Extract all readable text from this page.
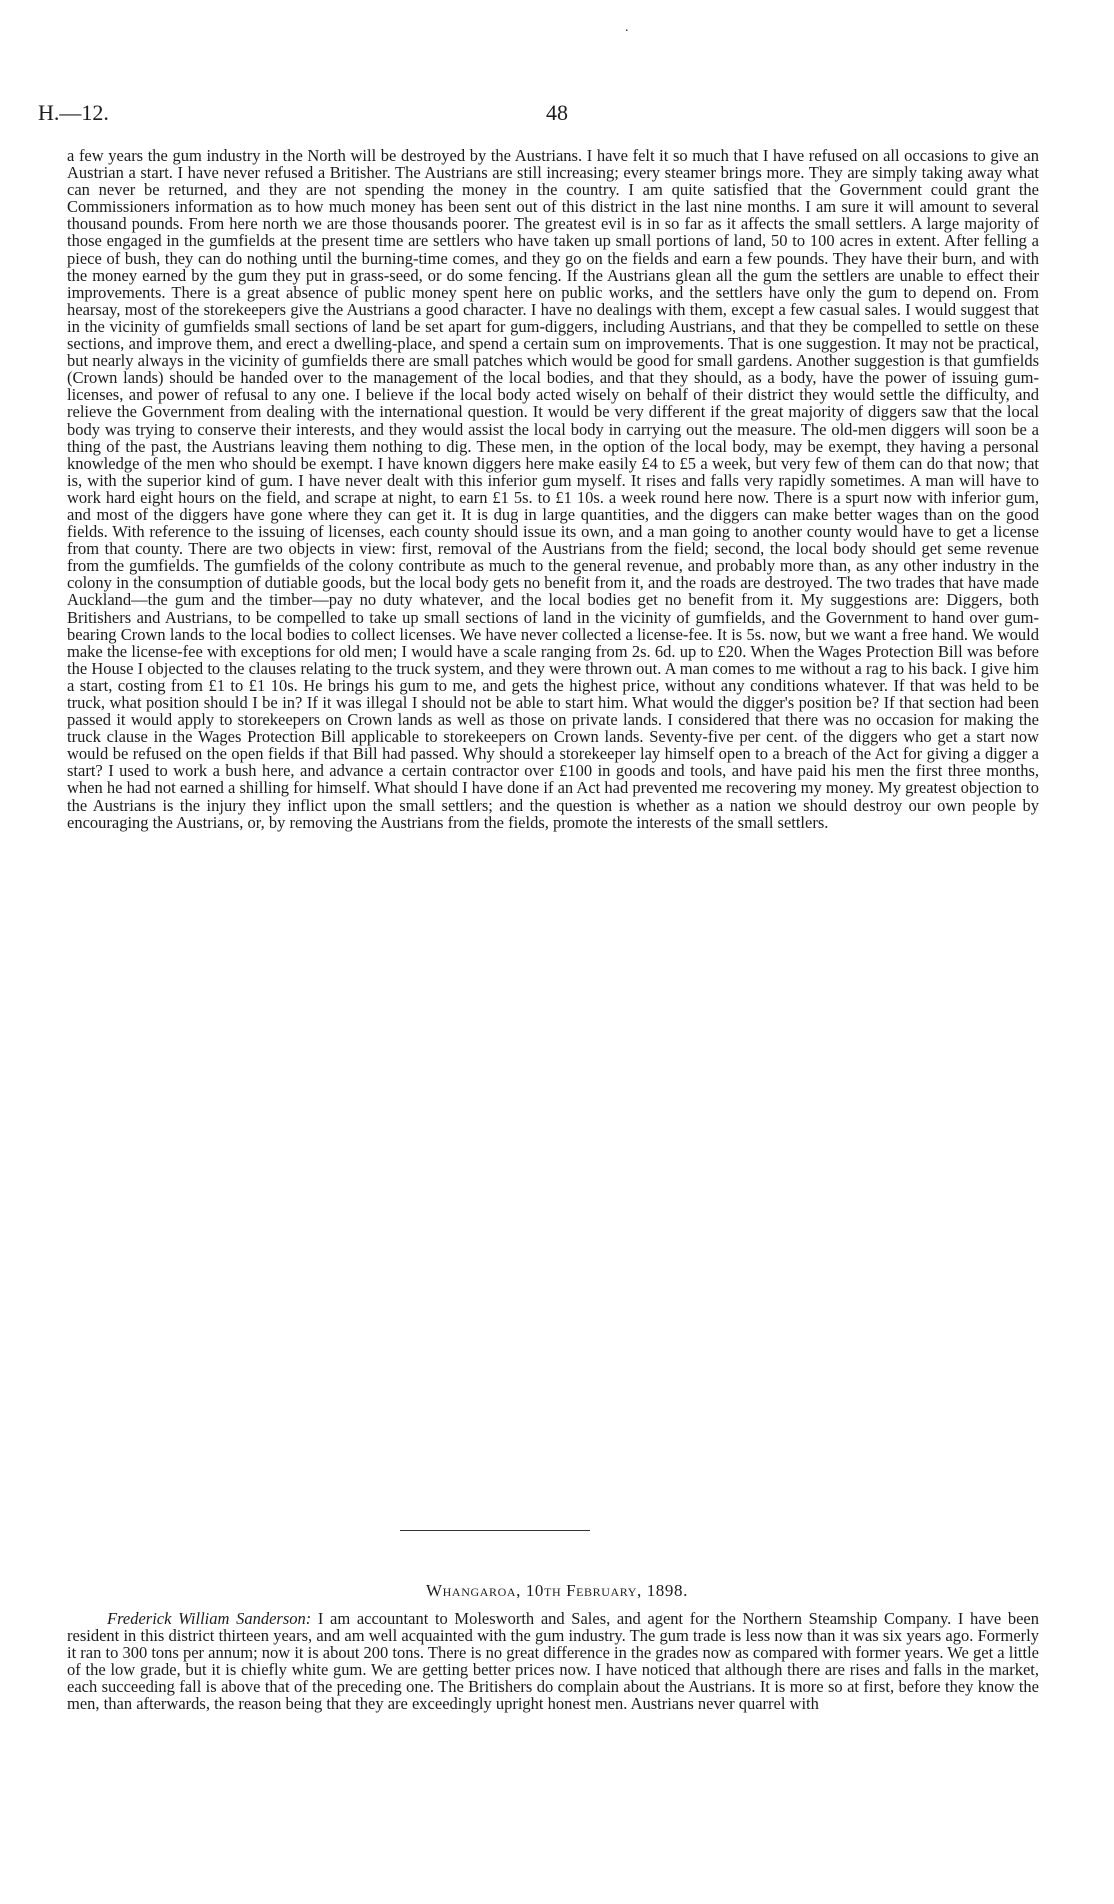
.
H.—12.	48

a few years the gum industry in the North will be destroyed by the Austrians. I have felt it so much that I have refused on all occasions to give an Austrian a start. I have never refused a Britisher. The Austrians are still increasing; every steamer brings more. They are simply taking away what can never be returned, and they are not spending the money in the country. I am quite satisfied that the Government could grant the Commissioners information as to how much money has been sent out of this district in the last nine months. I am sure it will amount to several thousand pounds. From here north we are those thousands poorer. The greatest evil is in so far as it affects the small settlers. A large majority of those engaged in the gumfields at the present time are settlers who have taken up small portions of land, 50 to 100 acres in extent. After felling a piece of bush, they can do nothing until the burning-time comes, and they go on the fields and earn a few pounds. They have their burn, and with the money earned by the gum they put in grass-seed, or do some fencing. If the Austrians glean all the gum the settlers are unable to effect their improvements. There is a great absence of public money spent here on public works, and the settlers have only the gum to depend on. From hearsay, most of the storekeepers give the Austrians a good character. I have no dealings with them, except a few casual sales. I would suggest that in the vicinity of gumfields small sections of land be set apart for gum-diggers, including Austrians, and that they be compelled to settle on these sections, and improve them, and erect a dwelling-place, and spend a certain sum on improvements. That is one suggestion. It may not be practical, but nearly always in the vicinity of gumfields there are small patches which would be good for small gardens. Another suggestion is that gumfields (Crown lands) should be handed over to the management of the local bodies, and that they should, as a body, have the power of issuing gum-licenses, and power of refusal to any one. I believe if the local body acted wisely on behalf of their district they would settle the difficulty, and relieve the Government from dealing with the international question. It would be very different if the great majority of diggers saw that the local body was trying to conserve their interests, and they would assist the local body in carrying out the measure. The old-men diggers will soon be a thing of the past, the Austrians leaving them nothing to dig. These men, in the option of the local body, may be exempt, they having a personal knowledge of the men who should be exempt. I have known diggers here make easily £4 to £5 a week, but very few of them can do that now; that is, with the superior kind of gum. I have never dealt with this inferior gum myself. It rises and falls very rapidly sometimes. A man will have to work hard eight hours on the field, and scrape at night, to earn £1 5s. to £1 10s. a week round here now. There is a spurt now with inferior gum, and most of the diggers have gone where they can get it. It is dug in large quantities, and the diggers can make better wages than on the good fields. With reference to the issuing of licenses, each county should issue its own, and a man going to another county would have to get a license from that county. There are two objects in view: first, removal of the Austrians from the field; second, the local body should get seme revenue from the gumfields. The gumfields of the colony contribute as much to the general revenue, and probably more than, as any other industry in the colony in the consumption of dutiable goods, but the local body gets no benefit from it, and the roads are destroyed. The two trades that have made Auckland—the gum and the timber—pay no duty whatever, and the local bodies get no benefit from it. My suggestions are: Diggers, both Britishers and Austrians, to be compelled to take up small sections of land in the vicinity of gumfields, and the Government to hand over gum-bearing Crown lands to the local bodies to collect licenses. We have never collected a license-fee. It is 5s. now, but we want a free hand. We would make the license-fee with exceptions for old men; I would have a scale ranging from 2s. 6d. up to £20. When the Wages Protection Bill was before the House I objected to the clauses relating to the truck system, and they were thrown out. A man comes to me without a rag to his back. I give him a start, costing from £1 to £1 10s. He brings his gum to me, and gets the highest price, without any conditions whatever. If that was held to be truck, what position should I be in? If it was illegal I should not be able to start him. What would the digger's position be? If that section had been passed it would apply to storekeepers on Crown lands as well as those on private lands. I considered that there was no occasion for making the truck clause in the Wages Protection Bill applicable to storekeepers on Crown lands. Seventy-five per cent. of the diggers who get a start now would be refused on the open fields if that Bill had passed. Why should a storekeeper lay himself open to a breach of the Act for giving a digger a start? I used to work a bush here, and advance a certain contractor over £100 in goods and tools, and have paid his men the first three months, when he had not earned a shilling for himself. What should I have done if an Act had prevented me recovering my money. My greatest objection to the Austrians is the injury they inflict upon the small settlers; and the question is whether as a nation we should destroy our own people by encouraging the Austrians, or, by removing the Austrians from the fields, promote the interests of the small settlers.

Whangaroa, 10th February, 1898.

Frederick William Sanderson: I am accountant to Molesworth and Sales, and agent for the Northern Steamship Company. I have been resident in this district thirteen years, and am well acquainted with the gum industry. The gum trade is less now than it was six years ago. Formerly it ran to 300 tons per annum; now it is about 200 tons. There is no great difference in the grades now as compared with former years. We get a little of the low grade, but it is chiefly white gum. We are getting better prices now. I have noticed that although there are rises and falls in the market, each succeeding fall is above that of the preceding one. The Britishers do complain about the Austrians. It is more so at first, before they know the men, than afterwards, the reason being that they are exceedingly upright honest men. Austrians never quarrel with
